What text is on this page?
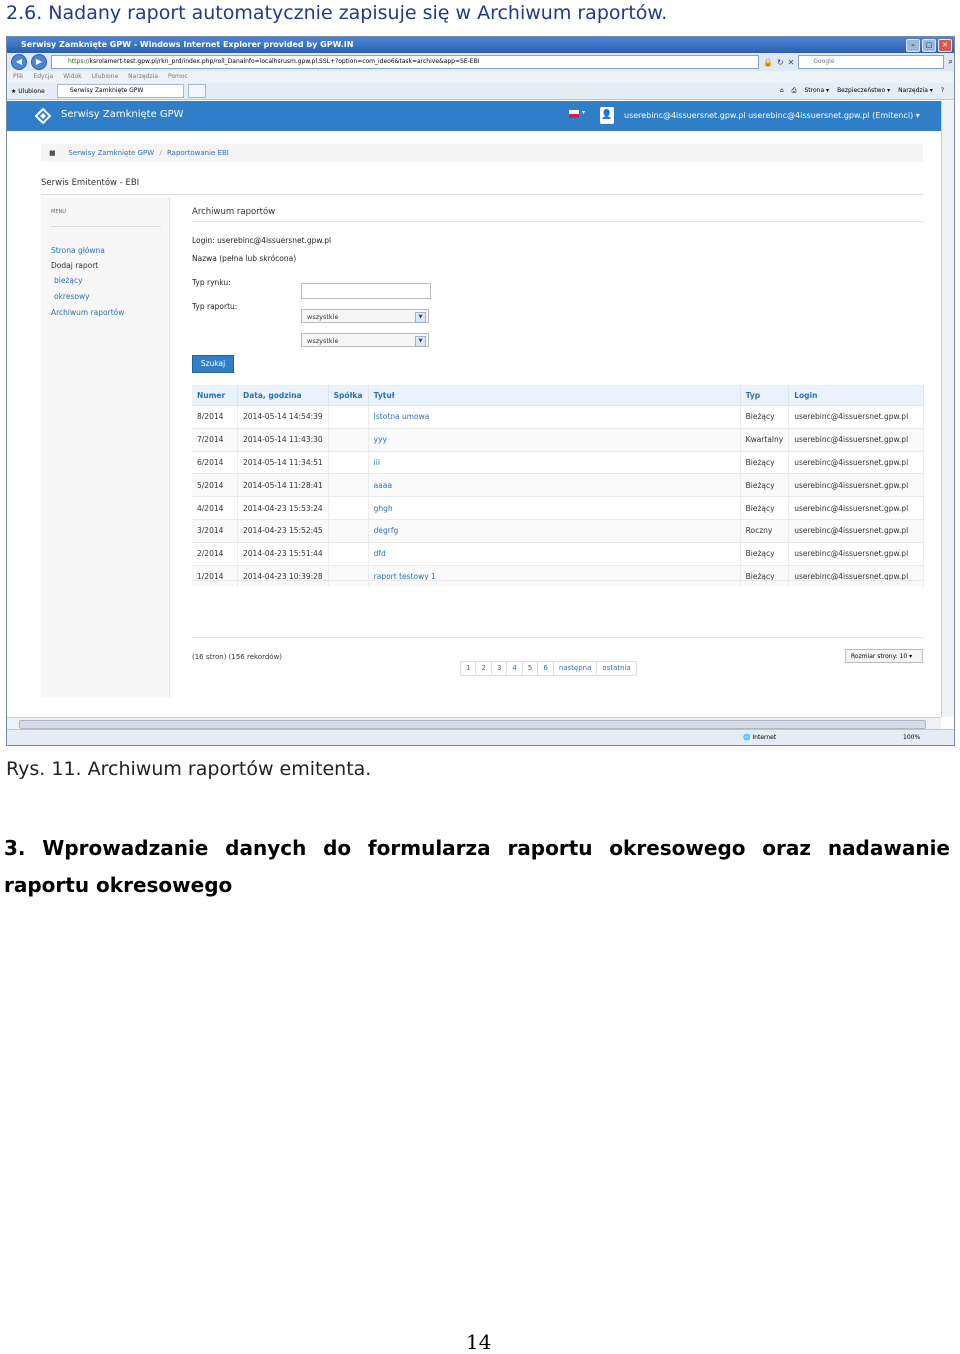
2.6. Nadany raport automatycznie zapisuje się w Archiwum raportów.
Serwisy Zamknięte GPW - Windows Internet Explorer provided by GPW.IN	–	□	✕
◀	▶	https://ksrolamert-test.gpw.pl/rkn_prd/index.php/roll_Danalnfo=localhsrusm.gpw.pl,SSL+?option=com_ideo6&task=archive&app=SE-EBI	🔒 ↻ ✕	Google	⌕
Plik Edycja Widok Ulubione Narzędzia Pomoc
★ Ulubione	Serwisy Zamknięte GPW	⌂ ⎙ Strona ▾ Bezpieczeństwo ▾ Narzędzia ▾ ?
Serwisy Zamknięte GPW	▾ 👤 userebinc@4issuersnet.gpw.pl userebinc@4issuersnet.gpw.pl (Emitenci) ▾
■ Serwisy Zamknięte GPW / Raportowanie EBI
Serwis Emitentów - EBI
MENU
Strona główna
Dodaj raport
bieżący
okresowy
Archiwum raportów
Archiwum raportów
Login: userebinc@4issuersnet.gpw.pl
Nazwa (pełna lub skrócona)
Typ rynku:
wszystkie	▼
Typ raportu:
wszystkie	▼
Szukaj
Numer	Data, godzina	Spółka	Tytuł	Typ	Login
8/2014	2014-05-14 14:54:39		Istotna umowa	Bieżący	userebinc@4issuersnet.gpw.pl
7/2014	2014-05-14 11:43:30		yyy	Kwartalny	userebinc@4issuersnet.gpw.pl
6/2014	2014-05-14 11:34:51		iii	Bieżący	userebinc@4issuersnet.gpw.pl
5/2014	2014-05-14 11:28:41		aaaa	Bieżący	userebinc@4issuersnet.gpw.pl
4/2014	2014-04-23 15:53:24		ghgh	Bieżący	userebinc@4issuersnet.gpw.pl
3/2014	2014-04-23 15:52:45		degrfg	Roczny	userebinc@4issuersnet.gpw.pl
2/2014	2014-04-23 15:51:44		dfd	Bieżący	userebinc@4issuersnet.gpw.pl
1/2014	2014-04-23 10:39:28		raport testowy 1	Bieżący	userebinc@4issuersnet.gpw.pl
(16 stron) (156 rekordów)	Rozmiar strony: 10 ▾
1	2	3	4	5	6	następna	ostatnia
🌐 Internet	100%
Rys. 11. Archiwum raportów emitenta.
3. Wprowadzanie danych do formularza raportu okresowego oraz nadawanie raportu okresowego
14
